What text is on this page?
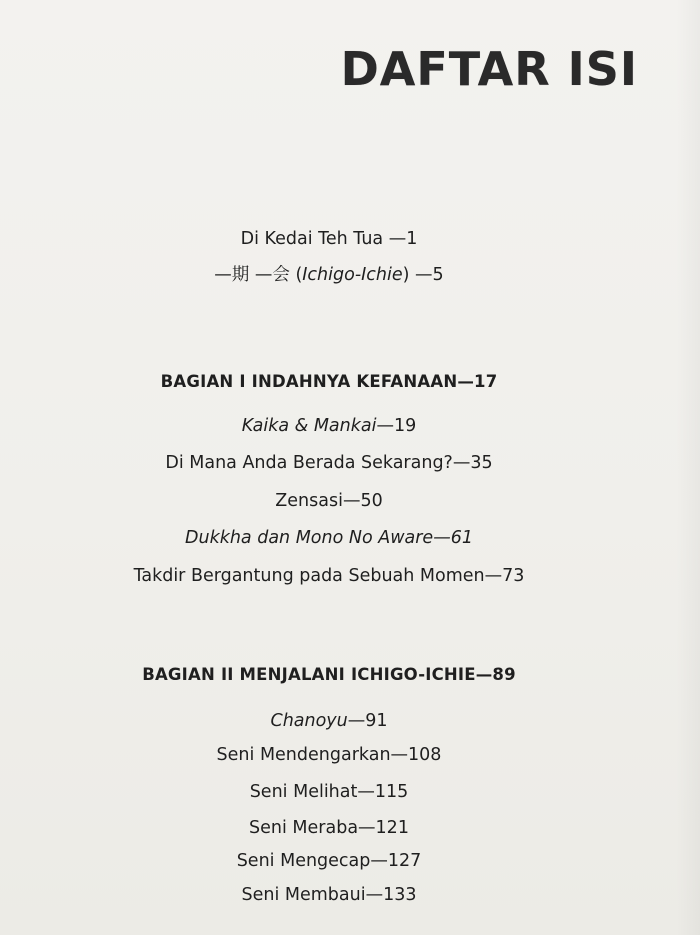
DAFTAR ISI
Di Kedai Teh Tua —1
—期 —会 (Ichigo-Ichie) —5
BAGIAN I INDAHNYA KEFANAAN—17
Kaika & Mankai—19
Di Mana Anda Berada Sekarang?—35
Zensasi—50
Dukkha dan Mono No Aware—61
Takdir Bergantung pada Sebuah Momen—73
BAGIAN II MENJALANI ICHIGO-ICHIE—89
Chanoyu—91
Seni Mendengarkan—108
Seni Melihat—115
Seni Meraba—121
Seni Mengecap—127
Seni Membaui—133
